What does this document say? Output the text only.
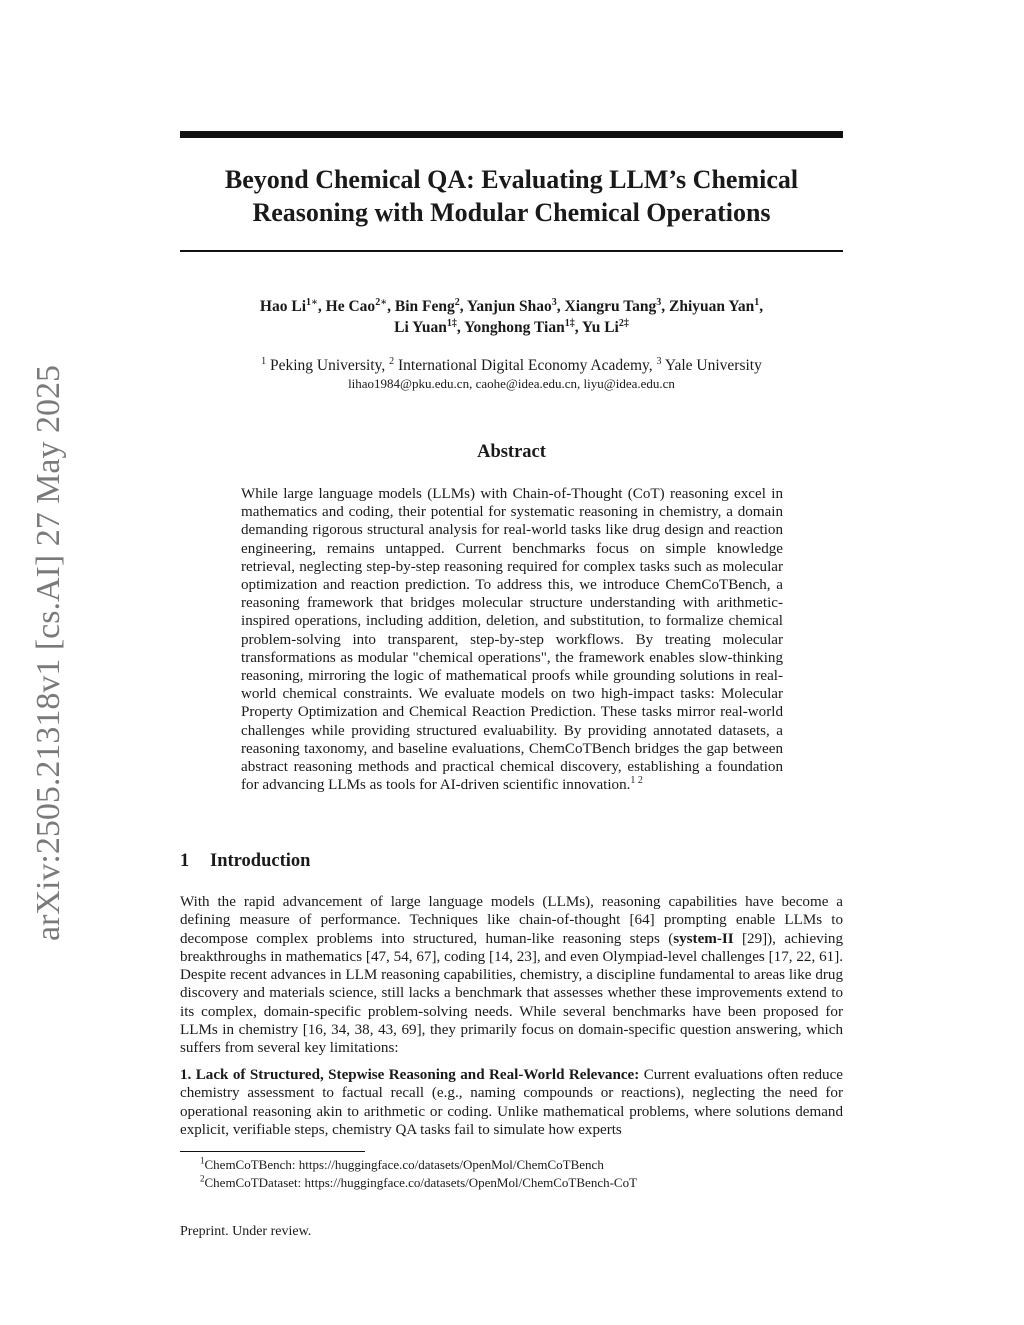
arXiv:2505.21318v1 [cs.AI] 27 May 2025
Beyond Chemical QA: Evaluating LLM’s Chemical
Reasoning with Modular Chemical Operations
Hao $Li^{1∗}$, He Cao$^{2∗}$, Bin Feng$^2$, Yanjun Shao$^3$, Xiangru Tang$^3$, Zhiyuan Yan$^1$,
Li Yuan$^{1\ddagger}$, Yonghong Tian$^{1\ddagger}$, Yu $Li^{2\ddagger}$
$^1$ Peking University, $^2$ International Digital Economy Academy, $^3$ Yale University
lihao1984@pku.edu.cn, caohe@idea.edu.cn, liyu@idea.edu.cn
Abstract
While large language models (LLMs) with Chain-of-Thought (CoT) reasoning excel in mathematics and coding, their potential for systematic reasoning in chemistry, a domain demanding rigorous structural analysis for real-world tasks like drug design and reaction engineering, remains untapped. Current benchmarks focus on simple knowledge retrieval, neglecting step-by-step reasoning required for complex tasks such as molecular optimization and reaction prediction. To address this, we introduce ChemCoTBench, a reasoning framework that bridges molecular structure understanding with arithmetic-inspired operations, including addition, deletion, and substitution, to formalize chemical problem-solving into transparent, step-by-step workflows. By treating molecular transformations as modular "chemical operations", the framework enables slow-thinking reasoning, mirroring the logic of mathematical proofs while grounding solutions in real-world chemical constraints. We evaluate models on two high-impact tasks: Molecular Property Optimization and Chemical Reaction Prediction. These tasks mirror real-world challenges while providing structured evaluability. By providing annotated datasets, a reasoning taxonomy, and baseline evaluations, ChemCoTBench bridges the gap between abstract reasoning methods and practical chemical discovery, establishing a foundation for advancing LLMs as tools for AI-driven scientific innovation.$^{1 2}$
1 Introduction
With the rapid advancement of large language models (LLMs), reasoning capabilities have become a defining measure of performance. Techniques like chain-of-thought [64] prompting enable LLMs to decompose complex problems into structured, human-like reasoning steps (system-II [29]), achieving breakthroughs in mathematics [47, 54, 67], coding [14, 23], and even Olympiad-level challenges [17, 22, 61]. Despite recent advances in LLM reasoning capabilities, chemistry, a discipline fundamental to areas like drug discovery and materials science, still lacks a benchmark that assesses whether these improvements extend to its complex, domain-specific problem-solving needs. While several benchmarks have been proposed for LLMs in chemistry [16, 34, 38, 43, 69], they primarily focus on domain-specific question answering, which suffers from several key limitations:
1. Lack of Structured, Stepwise Reasoning and Real-World Relevance: Current evaluations often reduce chemistry assessment to factual recall (e.g., naming compounds or reactions), neglecting the need for operational reasoning akin to arithmetic or coding. Unlike mathematical problems, where solutions demand explicit, verifiable steps, chemistry QA tasks fail to simulate how experts
$^1$ChemCoTBench: https://huggingface.co/datasets/OpenMol/ChemCoTBench
$^2$ChemCoTDataset: https://huggingface.co/datasets/OpenMol/ChemCoTBench-CoT
Preprint. Under review.
